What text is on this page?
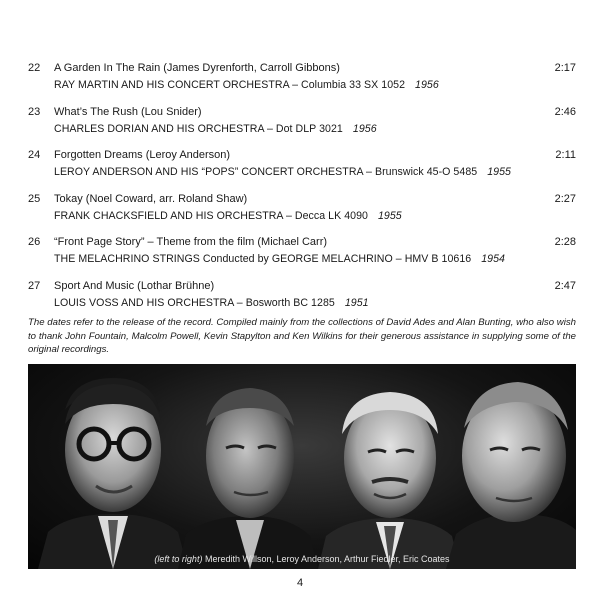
22	A Garden In The Rain (James Dyrenforth, Carroll Gibbons)	2:17
RAY MARTIN AND HIS CONCERT ORCHESTRA – Columbia 33 SX 1052 1956
23	What’s The Rush (Lou Snider)	2:46
CHARLES DORIAN AND HIS ORCHESTRA – Dot DLP 3021 1956
24	Forgotten Dreams (Leroy Anderson)	2:11
LEROY ANDERSON AND HIS “POPS” CONCERT ORCHESTRA – Brunswick 45-O 5485 1955
25	Tokay (Noel Coward, arr. Roland Shaw)	2:27
FRANK CHACKSFIELD AND HIS ORCHESTRA – Decca LK 4090 1955
26	“Front Page Story” – Theme from the film (Michael Carr)	2:28
THE MELACHRINO STRINGS Conducted by GEORGE MELACHRINO – HMV B 10616 1954
27	Sport And Music (Lothar Brühne)	2:47
LOUIS VOSS AND HIS ORCHESTRA – Bosworth BC 1285 1951

The dates refer to the release of the record. Compiled mainly from the collections of David Ades and Alan Bunting, who also wish to thank John Fountain, Malcolm Powell, Kevin Stapylton and Ken Wilkins for their generous assistance in supplying some of the original recordings.

(left to right) Meredith Willson, Leroy Anderson, Arthur Fiedler, Eric Coates
4
